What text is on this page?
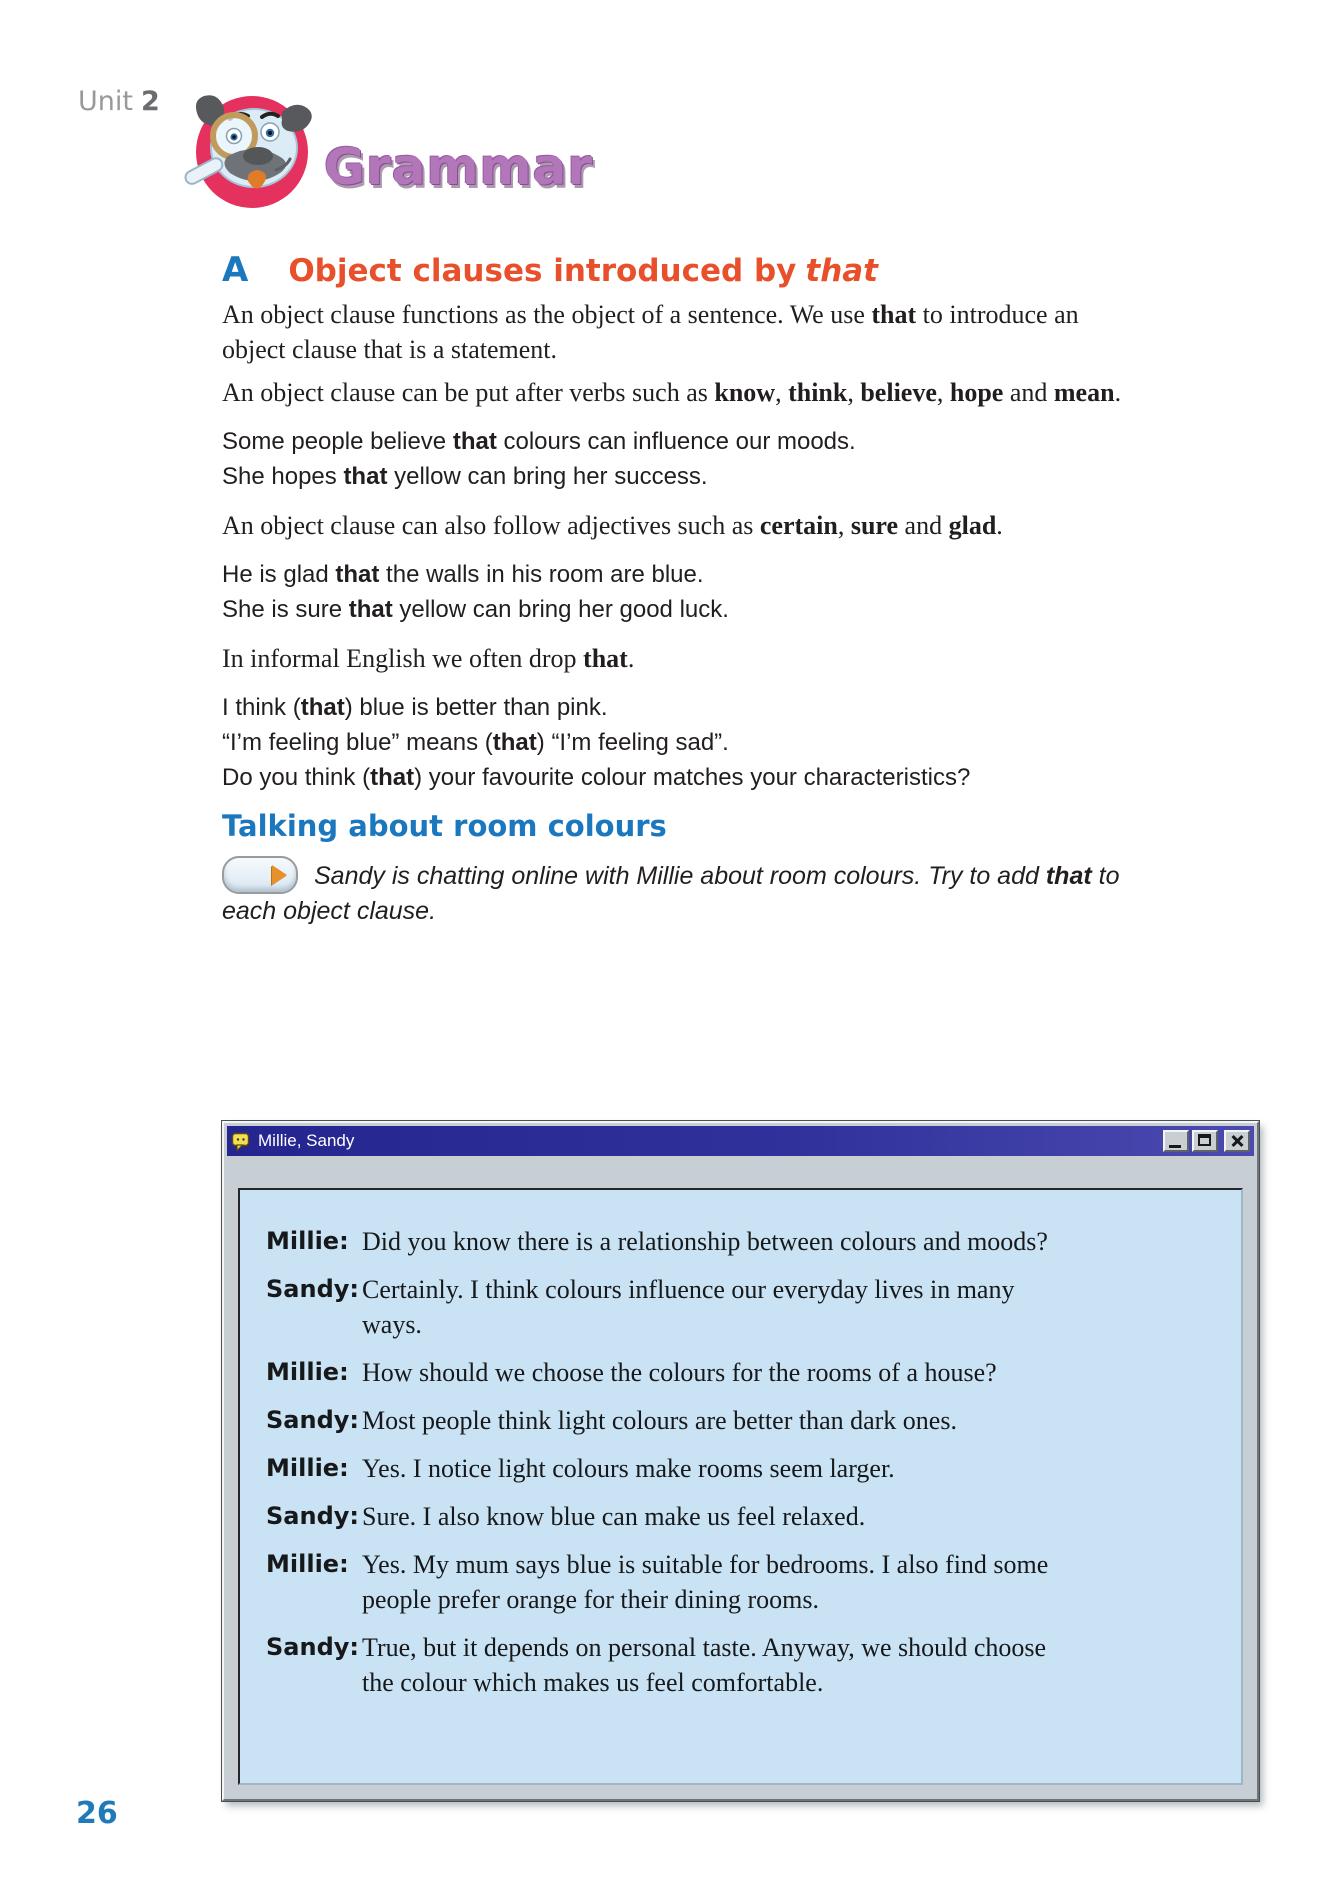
Unit 2
Grammar
A Object clauses introduced by that

An object clause functions as the object of a sentence. We use that to introduce an object clause that is a statement.

An object clause can be put after verbs such as know, think, believe, hope and mean.

Some people believe that colours can influence our moods.

She hopes that yellow can bring her success.

An object clause can also follow adjectives such as certain, sure and glad.

He is glad that the walls in his room are blue.

She is sure that yellow can bring her good luck.

In informal English we often drop that.

I think (that) blue is better than pink.

“I’m feeling blue” means (that) “I’m feeling sad”.

Do you think (that) your favourite colour matches your characteristics?

Talking about room colours

Sandy is chatting online with Millie about room colours. Try to add that to each object clause.

Millie, Sandy
Millie: Did you know there is a relationship between colours and moods?
Sandy: Certainly. I think colours influence our everyday lives in many ways.
Millie: How should we choose the colours for the rooms of a house?
Sandy: Most people think light colours are better than dark ones.
Millie: Yes. I notice light colours make rooms seem larger.
Sandy: Sure. I also know blue can make us feel relaxed.
Millie: Yes. My mum says blue is suitable for bedrooms. I also find some people prefer orange for their dining rooms.
Sandy: True, but it depends on personal taste. Anyway, we should choose the colour which makes us feel comfortable.
26
